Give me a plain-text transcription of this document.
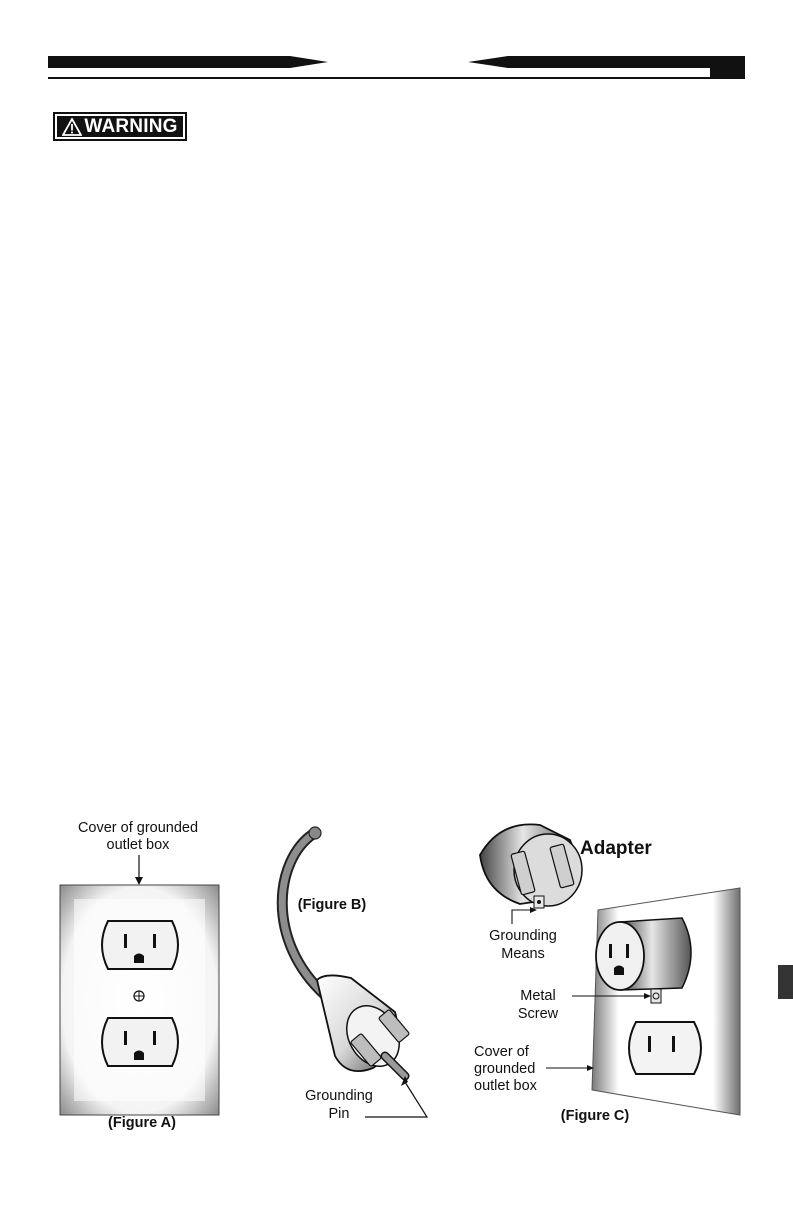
WARNING
Cover of grounded
outlet box
(Figure A)
(Figure B)
Grounding
Pin
Adapter
Grounding
Means
Metal
Screw
Cover of
grounded
outlet box
(Figure C)
